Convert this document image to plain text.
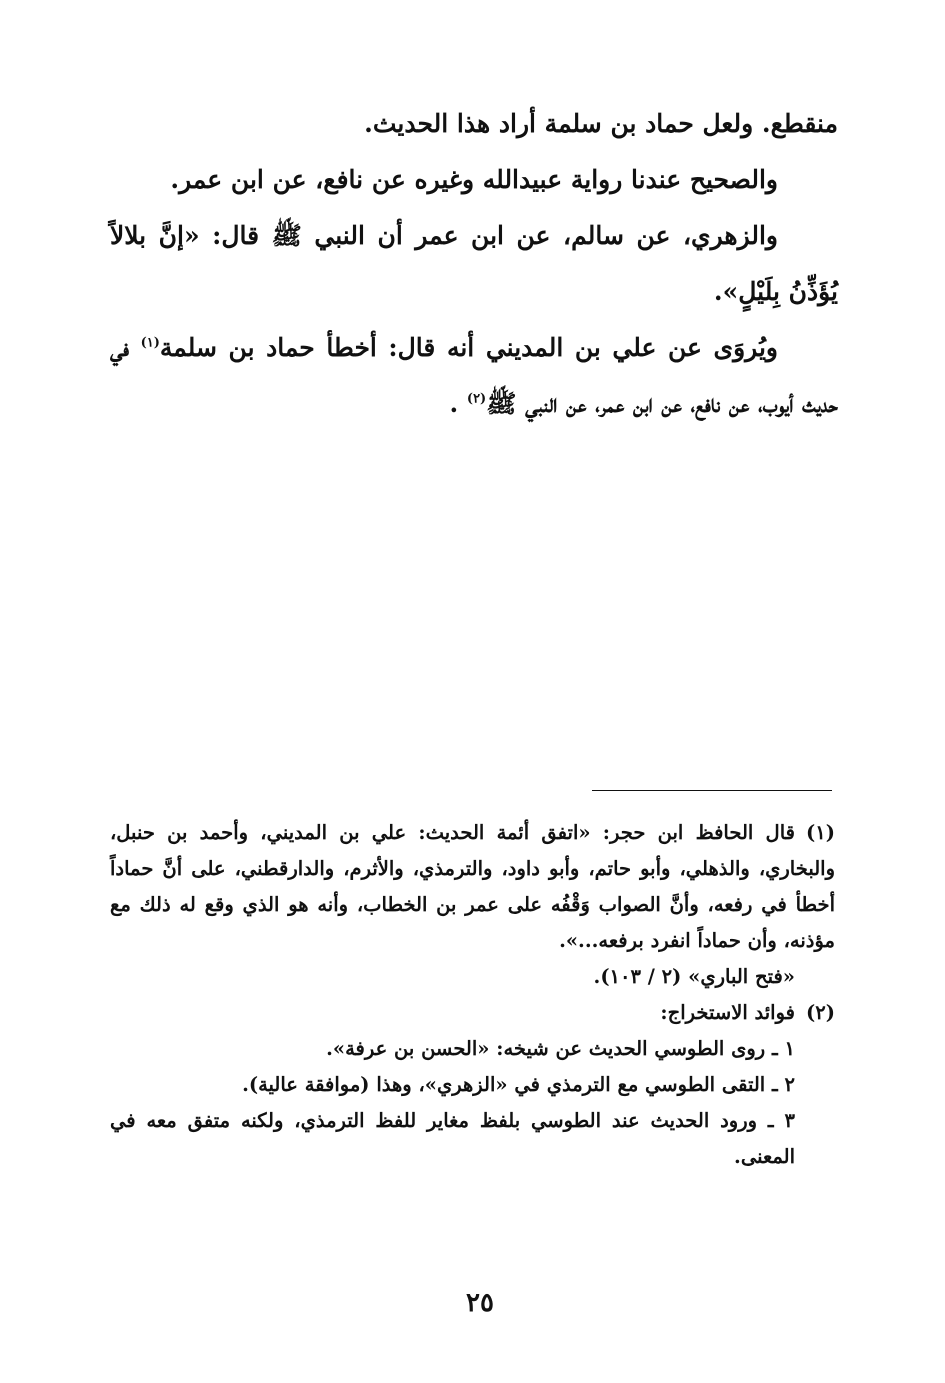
منقطع. ولعل حماد بن سلمة أراد هذا الحديث.

والصحيح عندنا رواية عبيدالله وغيره عن نافع، عن ابن عمر.

والزهري، عن سالم، عن ابن عمر أن النبي ﷺ قال: «إنَّ بلالاً يُؤَذِّنُ بِلَيْلٍ».

ويُروَى عن علي بن المديني أنه قال: أخطأ حماد بن سلمة$^{(١)}$ في حديث أيوب، عن نافع، عن ابن عمر، عن النبي ﷺ$^{(٢)}$ .

(١)قال الحافظ ابن حجر: «اتفق أئمة الحديث: علي بن المديني، وأحمد بن حنبل، والبخاري، والذهلي، وأبو حاتم، وأبو داود، والترمذي، والأثرم، والدارقطني، على أنَّ حماداً أخطأ في رفعه، وأنَّ الصواب وَقْفُه على عمر بن الخطاب، وأنه هو الذي وقع له ذلك مع مؤذنه، وأن حماداً انفرد برفعه...».

«فتح الباري» (٢ / ١٠٣).

(٢)فوائد الاستخراج:

١ ـ روى الطوسي الحديث عن شيخه: «الحسن بن عرفة».

٢ ـ التقى الطوسي مع الترمذي في «الزهري»، وهذا (موافقة عالية).

٣ ـ ورود الحديث عند الطوسي بلفظ مغاير للفظ الترمذي، ولكنه متفق معه في المعنى.

٢٥
